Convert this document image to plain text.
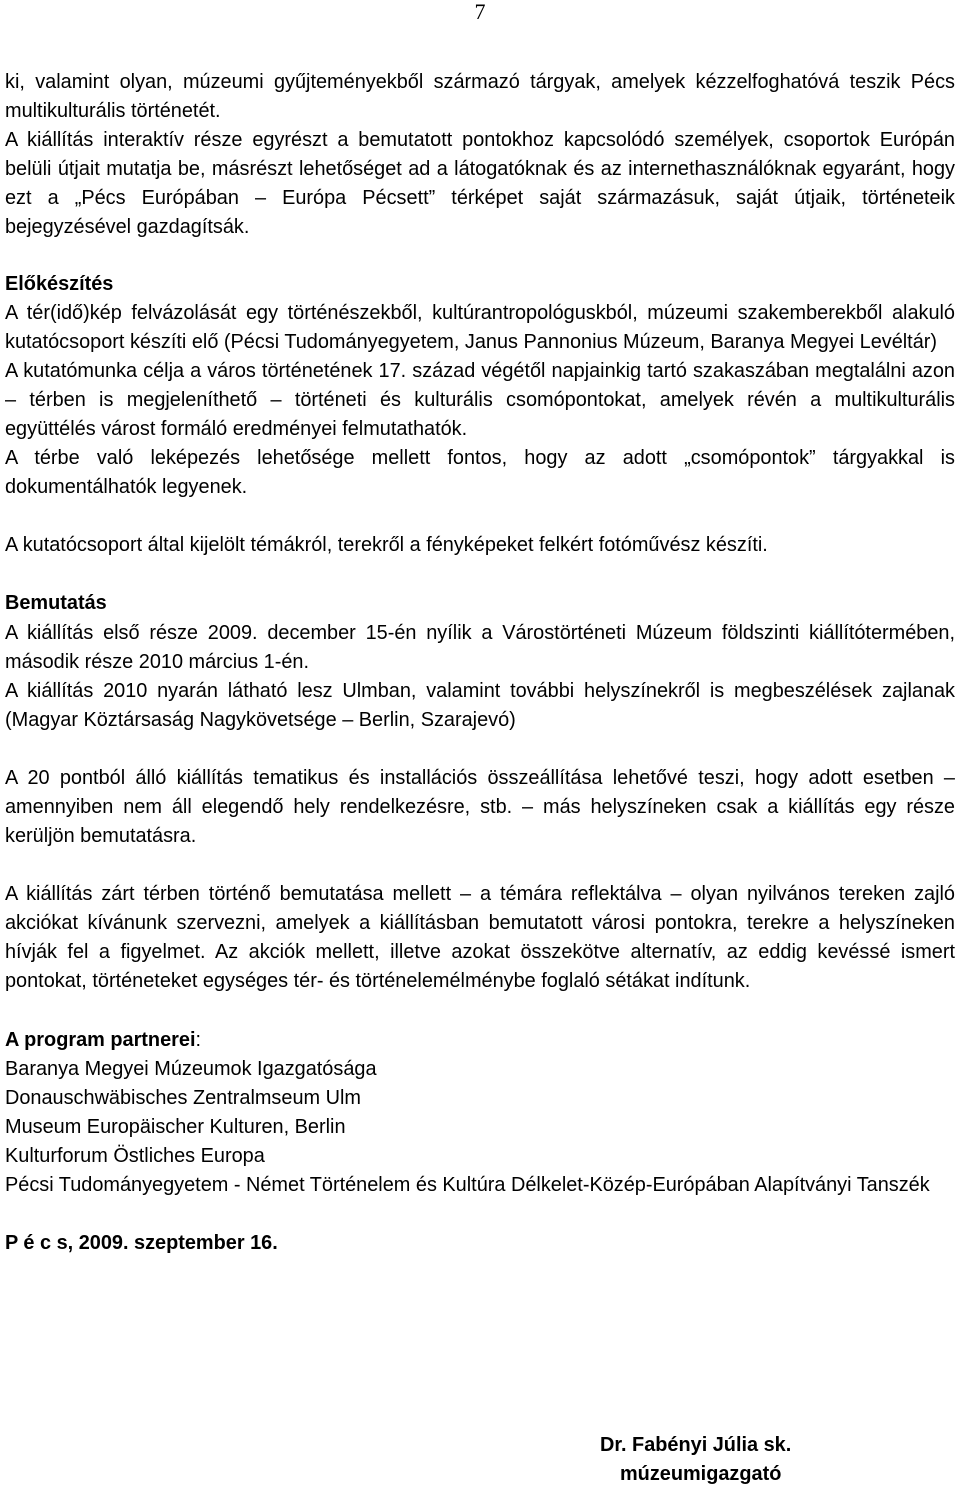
7

ki, valamint olyan, múzeumi gyűjteményekből származó tárgyak, amelyek kézzelfoghatóvá teszik Pécs multikulturális történetét.

A kiállítás interaktív része egyrészt a bemutatott pontokhoz kapcsolódó személyek, csoportok Európán belüli útjait mutatja be, másrészt lehetőséget ad a látogatóknak és az internethasználóknak egyaránt, hogy ezt a „Pécs Európában – Európa Pécsett” térképet saját származásuk, saját útjaik, történeteik bejegyzésével gazdagítsák.

Előkészítés

A tér(idő)kép felvázolását egy történészekből, kultúrantropológuskból, múzeumi szakemberekből alakuló kutatócsoport készíti elő (Pécsi Tudományegyetem, Janus Pannonius Múzeum, Baranya Megyei Levéltár)

A kutatómunka célja a város történetének 17. század végétől napjainkig tartó szakaszában megtalálni azon – térben is megjeleníthető – történeti és kulturális csomópontokat, amelyek révén a multikulturális együttélés várost formáló eredményei felmutathatók.

A térbe való leképezés lehetősége mellett fontos, hogy az adott „csomópontok” tárgyakkal is dokumentálhatók legyenek.

A kutatócsoport által kijelölt témákról, terekről a fényképeket felkért fotóművész készíti.

Bemutatás

A kiállítás első része 2009. december 15-én nyílik a Várostörténeti Múzeum földszinti kiállítótermében, második része 2010 március 1-én.

A kiállítás 2010 nyarán látható lesz Ulmban, valamint további helyszínekről is megbeszélések zajlanak (Magyar Köztársaság Nagykövetsége – Berlin, Szarajevó)

A 20 pontból álló kiállítás tematikus és installációs összeállítása lehetővé teszi, hogy adott esetben – amennyiben nem áll elegendő hely rendelkezésre, stb. – más helyszíneken csak a kiállítás egy része kerüljön bemutatásra.

A kiállítás zárt térben történő bemutatása mellett – a témára reflektálva – olyan nyilvános tereken zajló akciókat kívánunk szervezni, amelyek a kiállításban bemutatott városi pontokra, terekre a helyszíneken hívják fel a figyelmet. Az akciók mellett, illetve azokat összekötve alternatív, az eddig kevéssé ismert pontokat, történeteket egységes tér- és történelemélménybe foglaló sétákat indítunk.

A program partnerei:

Baranya Megyei Múzeumok Igazgatósága

Donauschwäbisches Zentralmseum Ulm

Museum Europäischer Kulturen, Berlin

Kulturforum Östliches Europa

Pécsi Tudományegyetem - Német Történelem és Kultúra Délkelet-Közép-Európában Alapítványi Tanszék

P é c s, 2009. szeptember 16.

Dr. Fabényi Júlia sk.
múzeumigazgató
